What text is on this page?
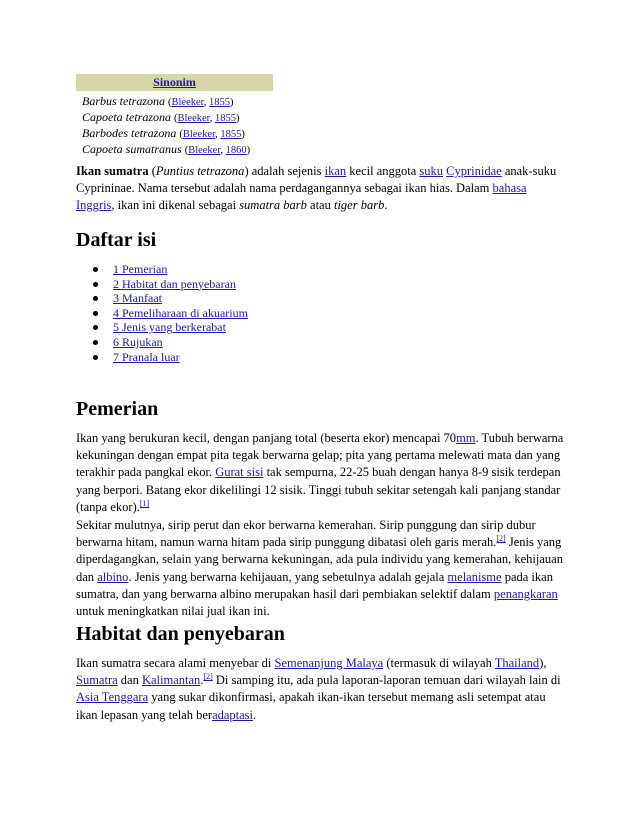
Sinonim
Barbus tetrazona (Bleeker, 1855)
Capoeta tetrazona (Bleeker, 1855)
Barbodes tetrazona (Bleeker, 1855)
Capoeta sumatranus (Bleeker, 1860)
Ikan sumatra (Puntius tetrazona) adalah sejenis ikan kecil anggota suku Cyprinidae anak-suku Cyprininae. Nama tersebut adalah nama perdagangannya sebagai ikan hias. Dalam bahasa Inggris, ikan ini dikenal sebagai sumatra barb atau tiger barb.
Daftar isi
1 Pemerian
2 Habitat dan penyebaran
3 Manfaat
4 Pemeliharaan di akuarium
5 Jenis yang berkerabat
6 Rujukan
7 Pranala luar
Pemerian
Ikan yang berukuran kecil, dengan panjang total (beserta ekor) mencapai 70mm. Tubuh berwarna kekuningan dengan empat pita tegak berwarna gelap; pita yang pertama melewati mata dan yang terakhir pada pangkal ekor. Gurat sisi tak sempurna, 22-25 buah dengan hanya 8-9 sisik terdepan yang berpori. Batang ekor dikelilingi 12 sisik. Tinggi tubuh sekitar setengah kali panjang standar (tanpa ekor).[1]
Sekitar mulutnya, sirip perut dan ekor berwarna kemerahan. Sirip punggung dan sirip dubur berwarna hitam, namun warna hitam pada sirip punggung dibatasi oleh garis merah.[2] Jenis yang diperdagangkan, selain yang berwarna kekuningan, ada pula individu yang kemerahan, kehijauan dan albino. Jenis yang berwarna kehijauan, yang sebetulnya adalah gejala melanisme pada ikan sumatra, dan yang berwarna albino merupakan hasil dari pembiakan selektif dalam penangkaran untuk meningkatkan nilai jual ikan ini.
Habitat dan penyebaran
Ikan sumatra secara alami menyebar di Semenanjung Malaya (termasuk di wilayah Thailand), Sumatra dan Kalimantan.[2] Di samping itu, ada pula laporan-laporan temuan dari wilayah lain di Asia Tenggara yang sukar dikonfirmasi, apakah ikan-ikan tersebut memang asli setempat atau ikan lepasan yang telah beradaptasi.
